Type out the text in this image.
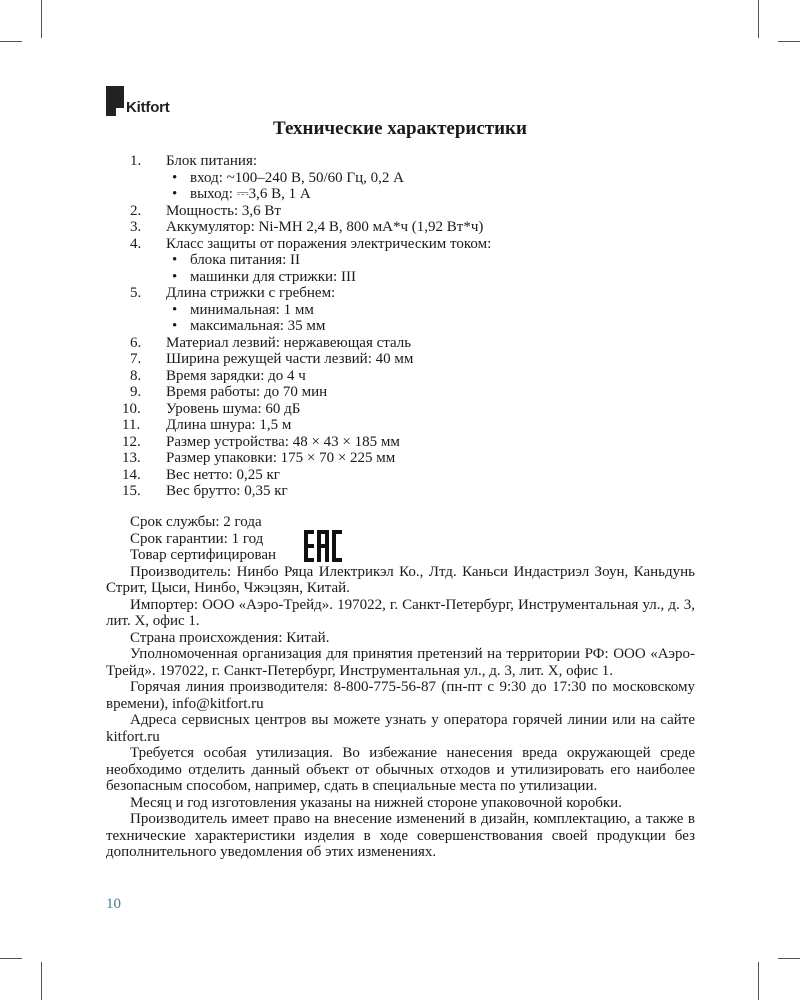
Kitfort
Технические характеристики
1.	Блок питания:
• вход: ~100–240 В, 50/60 Гц, 0,2 А
• выход: ⎓3,6 В, 1 А
2.	Мощность: 3,6 Вт
3.	Аккумулятор: Ni-MH 2,4 В, 800 мА*ч (1,92 Вт*ч)
4.	Класс защиты от поражения электрическим током:
• блока питания: II
• машинки для стрижки: III
5.	Длина стрижки с гребнем:
• минимальная: 1 мм
• максимальная: 35 мм
6.	Материал лезвий: нержавеющая сталь
7.	Ширина режущей части лезвий: 40 мм
8.	Время зарядки: до 4 ч
9.	Время работы: до 70 мин
10.	Уровень шума: 60 дБ
11.	Длина шнура: 1,5 м
12.	Размер устройства: 48 × 43 × 185 мм
13.	Размер упаковки: 175 × 70 × 225 мм
14.	Вес нетто: 0,25 кг
15.	Вес брутто: 0,35 кг
Срок службы: 2 года
Срок гарантии: 1 год
Товар сертифицирован

Производитель: Нинбо Ряца Илектрикэл Ко., Лтд. Каньси Индастриэл Зоун, Каньдунь Стрит, Цыси, Нинбо, Чжэцзян, Китай.

Импортер: ООО «Аэро-Трейд». 197022, г. Санкт-Петербург, Инструментальная ул., д. 3, лит. Х, офис 1.

Страна происхождения: Китай.

Уполномоченная организация для принятия претензий на территории РФ: ООО «Аэро-Трейд». 197022, г. Санкт-Петербург, Инструментальная ул., д. 3, лит. Х, офис 1.

Горячая линия производителя: 8-800-775-56-87 (пн-пт с 9:30 до 17:30 по московскому времени), info@kitfort.ru

Адреса сервисных центров вы можете узнать у оператора горячей линии или на сайте kitfort.ru

Требуется особая утилизация. Во избежание нанесения вреда окружающей среде необходимо отделить данный объект от обычных отходов и утилизировать его наиболее безопасным способом, например, сдать в специальные места по утилизации.

Месяц и год изготовления указаны на нижней стороне упаковочной коробки.

Производитель имеет право на внесение изменений в дизайн, комплектацию, а также в технические характеристики изделия в ходе совершенствования своей продукции без дополнительного уведомления об этих изменениях.

10
